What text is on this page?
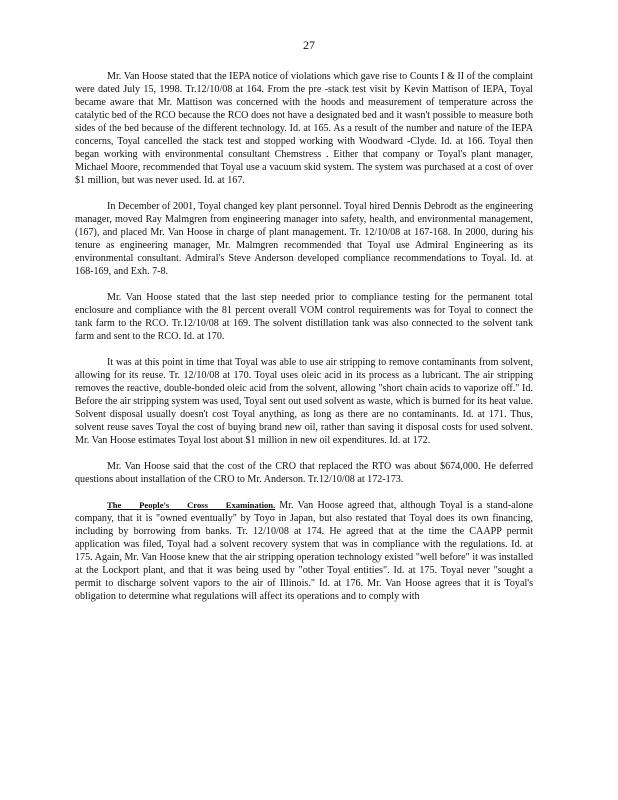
27

Mr. Van Hoose stated that the IEPA notice of violations which gave rise to Counts I & II of the complaint were dated July 15, 1998. Tr.12/10/08 at 164. From the pre -stack test visit by Kevin Mattison of IEPA, Toyal became aware that Mr. Mattison was concerned with the hoods and measurement of temperature across the catalytic bed of the RCO because the RCO does not have a designated bed and it wasn't possible to measure both sides of the bed because of the different technology. Id. at 165. As a result of the number and nature of the IEPA concerns, Toyal cancelled the stack test and stopped working with Woodward -Clyde. Id. at 166. Toyal then began working with environmental consultant Chemstress . Either that company or Toyal's plant manager, Michael Moore, recommended that Toyal use a vacuum skid system. The system was purchased at a cost of over $1 million, but was never used. Id. at 167.

In December of 2001, Toyal changed key plant personnel. Toyal hired Dennis Debrodt as the engineering manager, moved Ray Malmgren from engineering manager into safety, health, and environmental management, (167), and placed Mr. Van Hoose in charge of plant management. Tr. 12/10/08 at 167-168. In 2000, during his tenure as engineering manager, Mr. Malmgren recommended that Toyal use Admiral Engineering as its environmental consultant. Admiral's Steve Anderson developed compliance recommendations to Toyal. Id. at 168-169, and Exh. 7-8.

Mr. Van Hoose stated that the last step needed prior to compliance testing for the permanent total enclosure and compliance with the 81 percent overall VOM control requirements was for Toyal to connect the tank farm to the RCO. Tr.12/10/08 at 169. The solvent distillation tank was also connected to the solvent tank farm and sent to the RCO. Id. at 170.

It was at this point in time that Toyal was able to use air stripping to remove contaminants from solvent, allowing for its reuse. Tr. 12/10/08 at 170. Toyal uses oleic acid in its process as a lubricant. The air stripping removes the reactive, double-bonded oleic acid from the solvent, allowing "short chain acids to vaporize off." Id. Before the air stripping system was used, Toyal sent out used solvent as waste, which is burned for its heat value. Solvent disposal usually doesn't cost Toyal anything, as long as there are no contaminants. Id. at 171. Thus, solvent reuse saves Toyal the cost of buying brand new oil, rather than saving it disposal costs for used solvent. Mr. Van Hoose estimates Toyal lost about $1 million in new oil expenditures. Id. at 172.

Mr. Van Hoose said that the cost of the CRO that replaced the RTO was about $674,000. He deferred questions about installation of the CRO to Mr. Anderson. Tr.12/10/08 at 172-173.

The People's Cross Examination. Mr. Van Hoose agreed that, although Toyal is a stand-alone company, that it is "owned eventually" by Toyo in Japan, but also restated that Toyal does its own financing, including by borrowing from banks. Tr. 12/10/08 at 174. He agreed that at the time the CAAPP permit application was filed, Toyal had a solvent recovery system that was in compliance with the regulations. Id. at 175. Again, Mr. Van Hoose knew that the air stripping operation technology existed "well before" it was installed at the Lockport plant, and that it was being used by "other Toyal entities". Id. at 175. Toyal never "sought a permit to discharge solvent vapors to the air of Illinois." Id. at 176. Mr. Van Hoose agrees that it is Toyal's obligation to determine what regulations will affect its operations and to comply with
